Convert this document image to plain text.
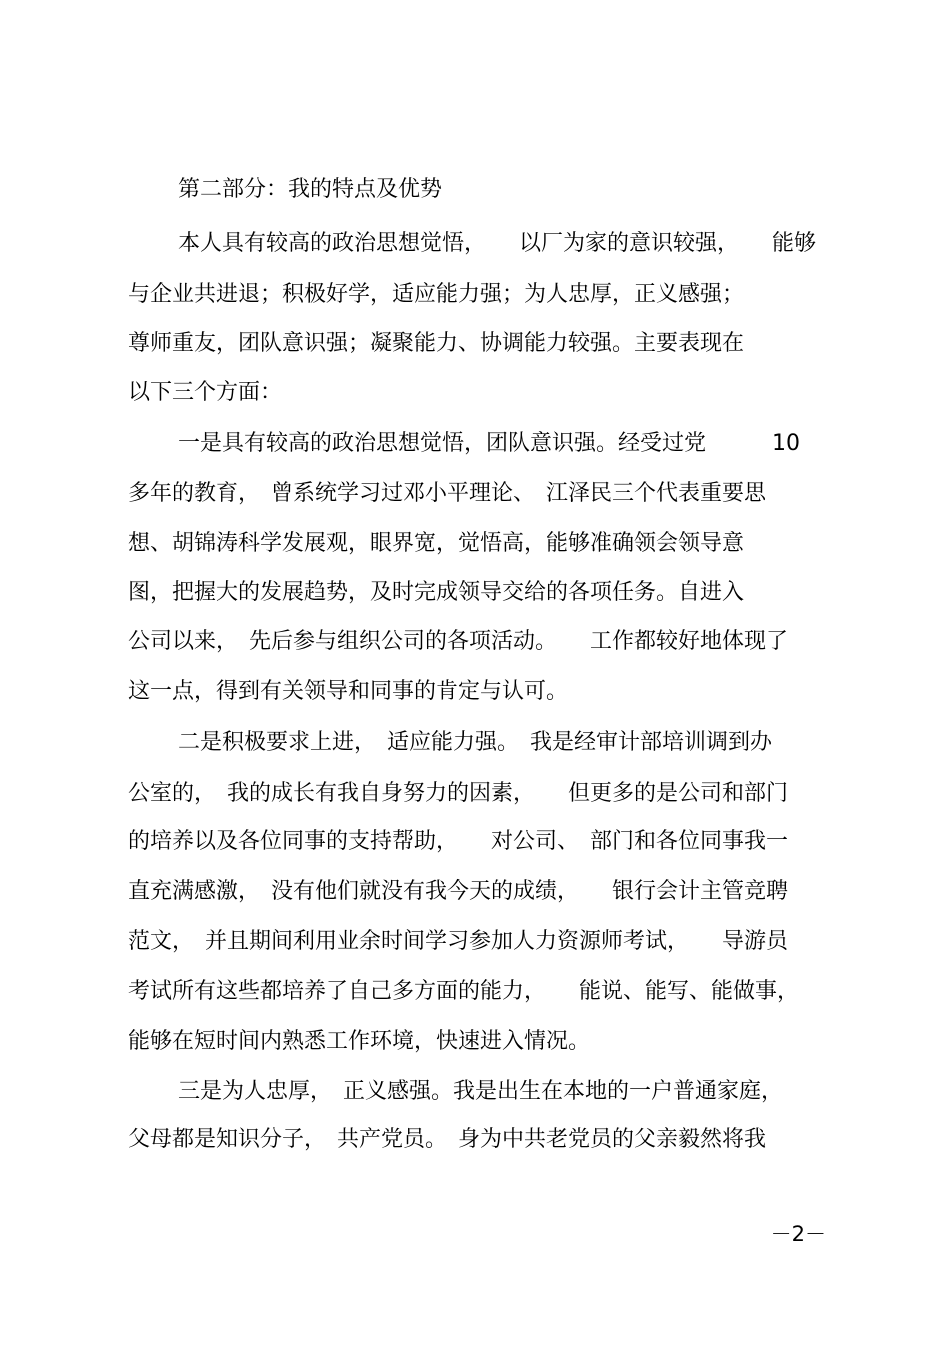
第二部分：我的特点及优势
本人具有较高的政治思想觉悟，　　以厂为家的意识较强，　　能够
与企业共进退；积极好学，适应能力强；为人忠厚，正义感强；
尊师重友，团队意识强；凝聚能力、协调能力较强。主要表现在
以下三个方面：
一是具有较高的政治思想觉悟，团队意识强。经受过党　　　10
多年的教育，　曾系统学习过邓小平理论、　江泽民三个代表重要思
想、胡锦涛科学发展观，眼界宽，觉悟高，能够准确领会领导意
图，把握大的发展趋势，及时完成领导交给的各项任务。自进入
公司以来，　先后参与组织公司的各项活动。　　工作都较好地体现了
这一点，得到有关领导和同事的肯定与认可。
二是积极要求上进，　适应能力强。　我是经审计部培训调到办
公室的，　我的成长有我自身努力的因素，　　但更多的是公司和部门
的培养以及各位同事的支持帮助，　　对公司、　部门和各位同事我一
直充满感激，　没有他们就没有我今天的成绩，　　银行会计主管竞聘
范文，　并且期间利用业余时间学习参加人力资源师考试，　　导游员
考试所有这些都培养了自己多方面的能力，　　能说、能写、能做事，
能够在短时间内熟悉工作环境，快速进入情况。
三是为人忠厚，　正义感强。我是出生在本地的一户普通家庭，
父母都是知识分子，　共产党员。　身为中共老党员的父亲毅然将我
－2－
